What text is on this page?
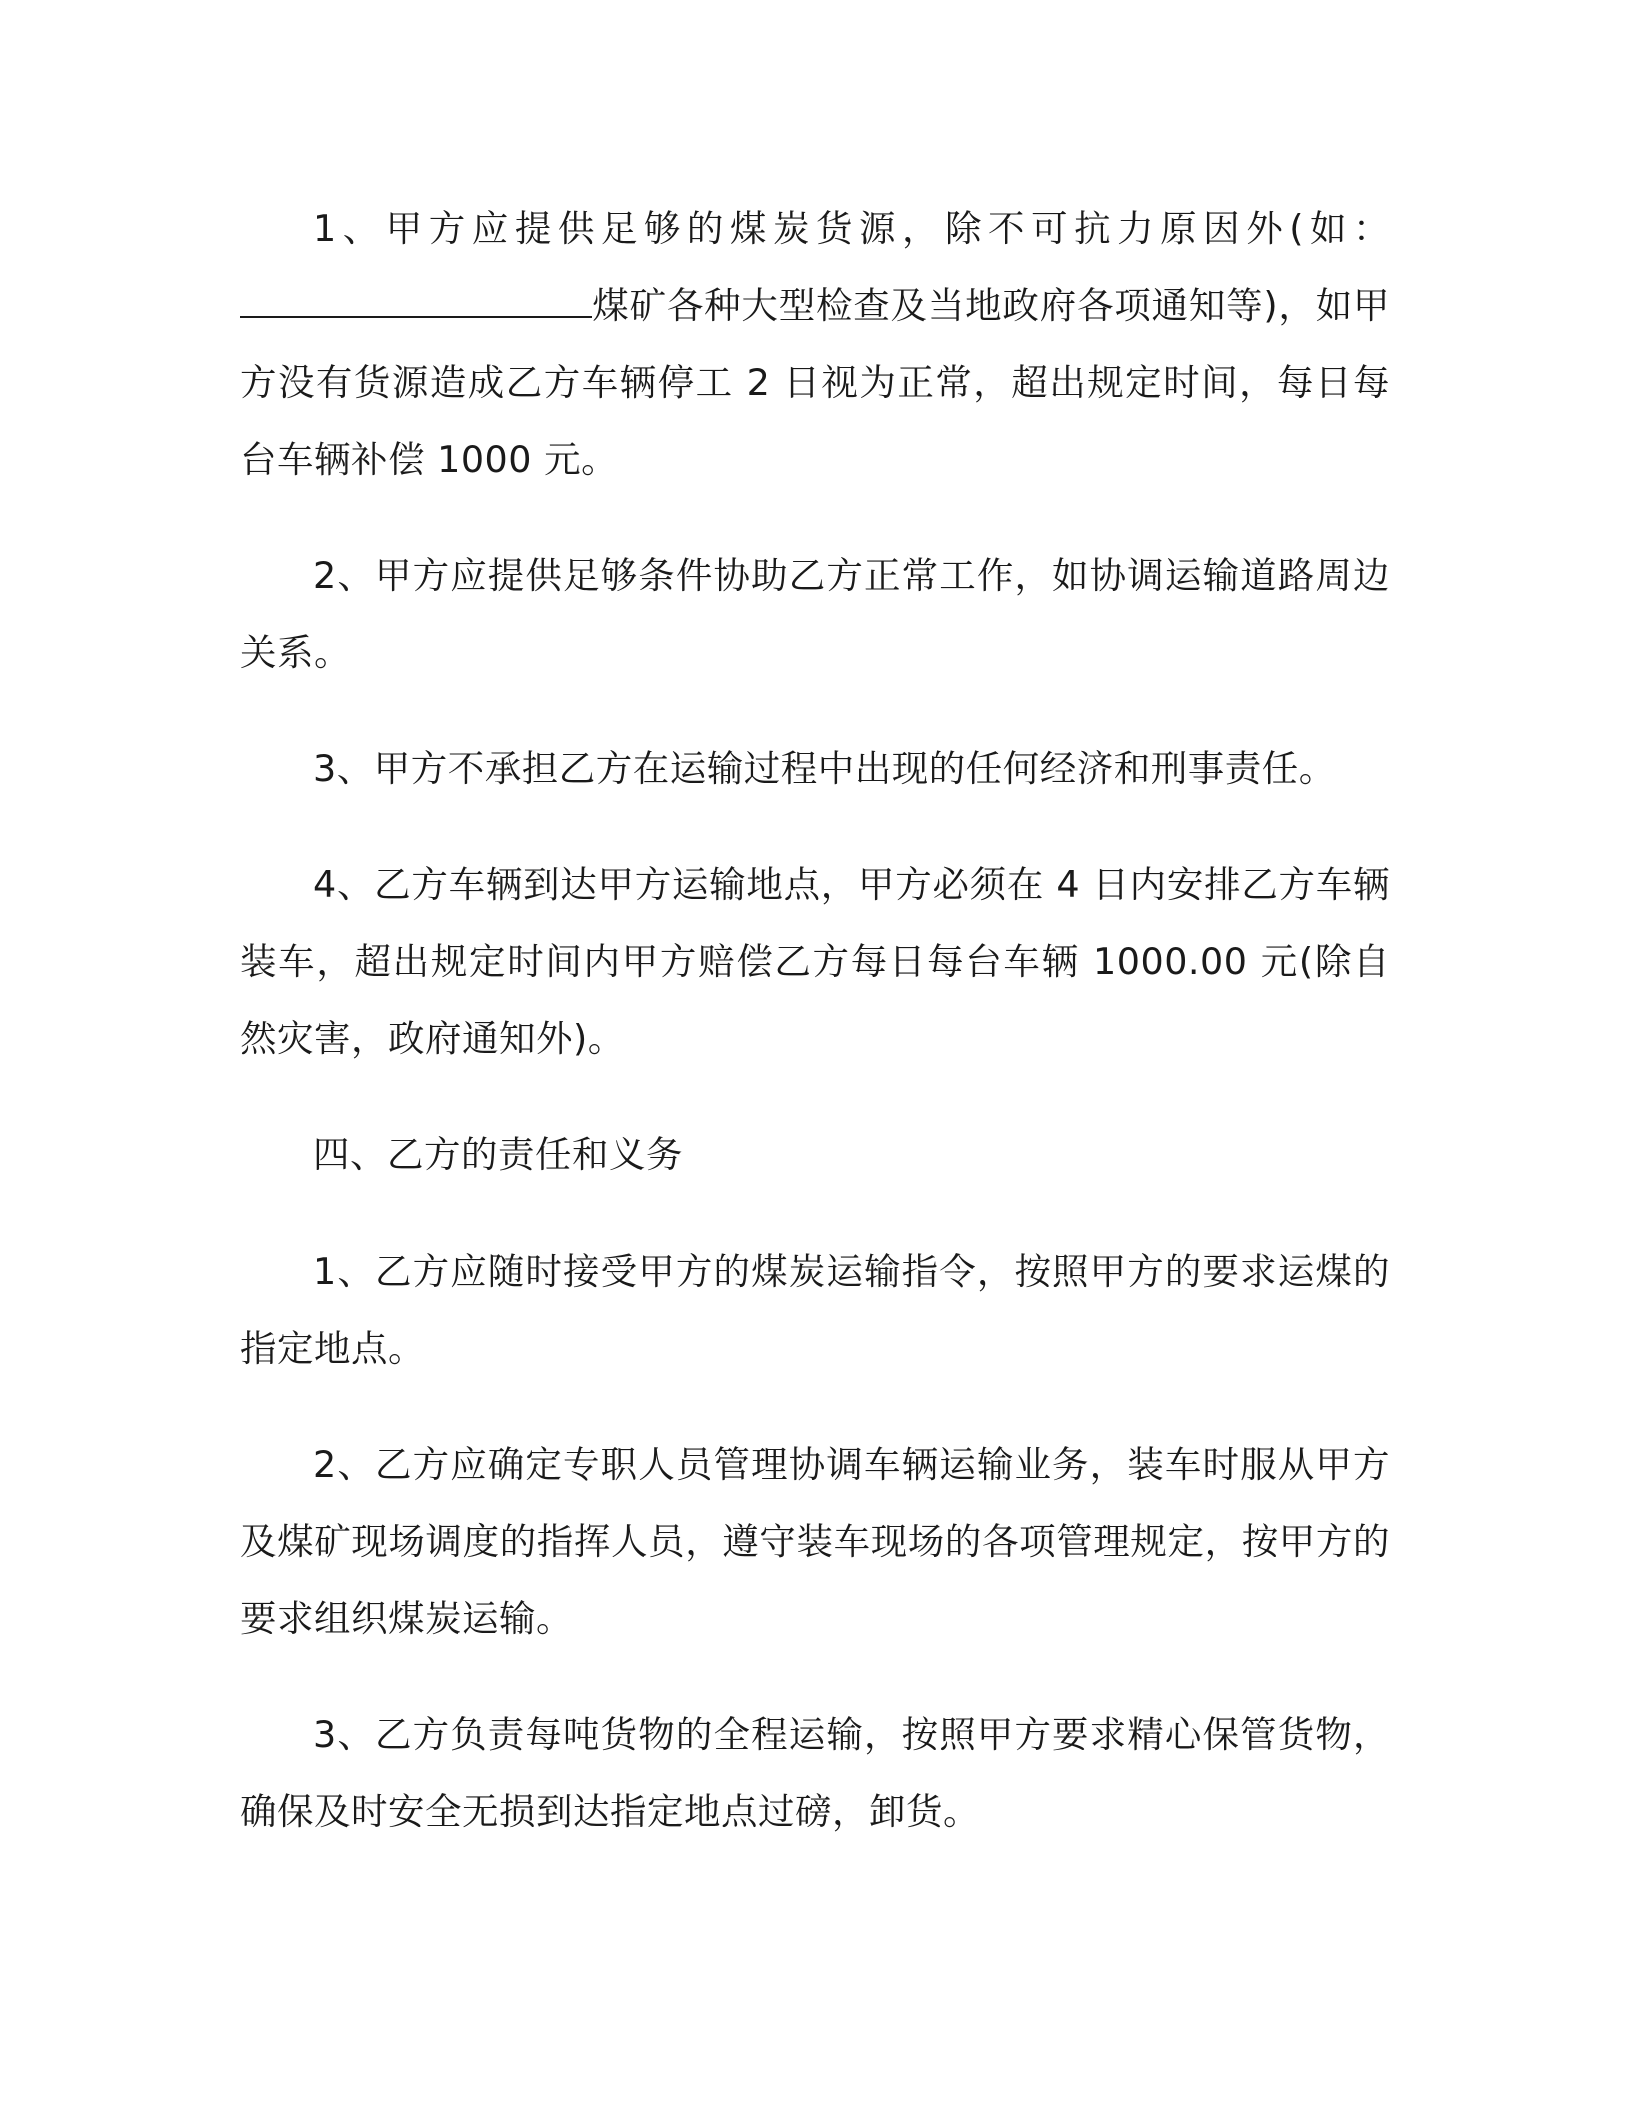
1、甲方应提供足够的煤炭货源，除不可抗力原因外(如：煤矿各种大型检查及当地政府各项通知等)，如甲方没有货源造成乙方车辆停工 2 日视为正常，超出规定时间，每日每台车辆补偿 1000 元。

2、甲方应提供足够条件协助乙方正常工作，如协调运输道路周边关系。

3、甲方不承担乙方在运输过程中出现的任何经济和刑事责任。

4、乙方车辆到达甲方运输地点，甲方必须在 4 日内安排乙方车辆装车，超出规定时间内甲方赔偿乙方每日每台车辆 1000.00 元(除自然灾害，政府通知外)。

四、乙方的责任和义务

1、乙方应随时接受甲方的煤炭运输指令，按照甲方的要求运煤的指定地点。

2、乙方应确定专职人员管理协调车辆运输业务，装车时服从甲方及煤矿现场调度的指挥人员，遵守装车现场的各项管理规定，按甲方的要求组织煤炭运输。

3、乙方负责每吨货物的全程运输，按照甲方要求精心保管货物，确保及时安全无损到达指定地点过磅，卸货。
